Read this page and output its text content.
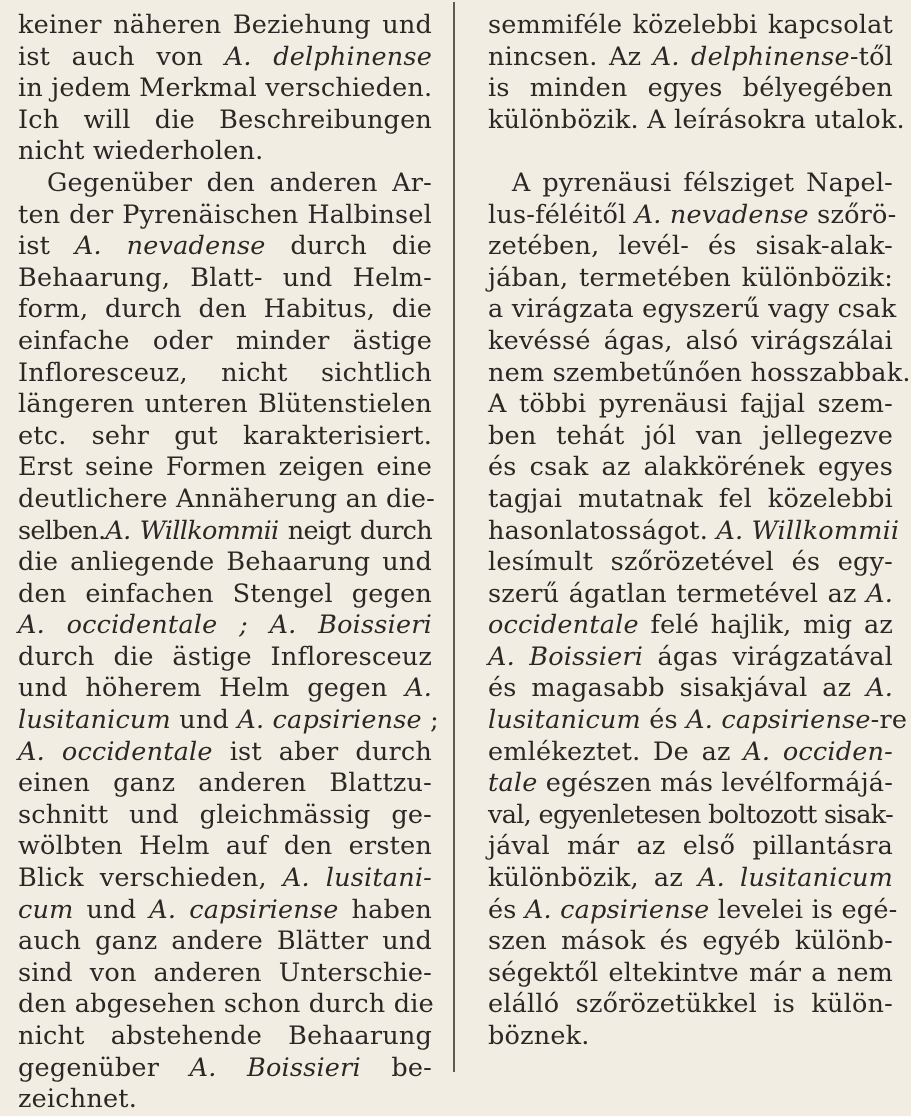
keiner näheren Beziehung und
ist auch von A. delphinense
in jedem Merkmal verschieden.
Ich will die Beschreibungen
nicht wiederholen.
Gegenüber den anderen Ar-
ten der Pyrenäischen Halbinsel
ist A. nevadense durch die
Behaarung, Blatt- und Helm-
form, durch den Habitus, die
einfache oder minder ästige
Infloresceuz, nicht sichtlich
längeren unteren Blütenstielen
etc. sehr gut karakterisiert.
Erst seine Formen zeigen eine
deutlichere Annäherung an die-
selben.A. Willkommii neigt durch
die anliegende Behaarung und
den einfachen Stengel gegen
A. occidentale ; A. Boissieri
durch die ästige Infloresceuz
und höherem Helm gegen A.
lusitanicum und A. capsiriense ;
A. occidentale ist aber durch
einen ganz anderen Blattzu-
schnitt und gleichmässig ge-
wölbten Helm auf den ersten
Blick verschieden, A. lusitani-
cum und A. capsiriense haben
auch ganz andere Blätter und
sind von anderen Unterschie-
den abgesehen schon durch die
nicht abstehende Behaarung
gegenüber A. Boissieri be-
zeichnet.
semmiféle közelebbi kapcsolat
nincsen. Az A. delphinense-től
is minden egyes bélyegében
különbözik. A leírásokra utalok.
A pyrenäusi félsziget Napel-
lus-féléitől A. nevadense szőrö-
zetében, levél- és sisak-alak-
jában, termetében különbözik:
a virágzata egyszerű vagy csak
kevéssé ágas, alsó virágszálai
nem szembetűnően hosszabbak.
A többi pyrenäusi fajjal szem-
ben tehát jól van jellegezve
és csak az alakkörének egyes
tagjai mutatnak fel közelebbi
hasonlatosságot. A. Willkommii
lesímult szőrözetével és egy-
szerű ágatlan termetével az A.
occidentale felé hajlik, mig az
A. Boissieri ágas virágzatával
és magasabb sisakjával az A.
lusitanicum és A. capsiriense-re
emlékeztet. De az A. occiden-
tale egészen más levélformájá-
val, egyenletesen boltozott sisak-
jával már az első pillantásra
különbözik, az A. lusitanicum
és A. capsiriense levelei is egé-
szen mások és egyéb különb-
ségektől eltekintve már a nem
elálló szőrözetükkel is külön-
böznek.
